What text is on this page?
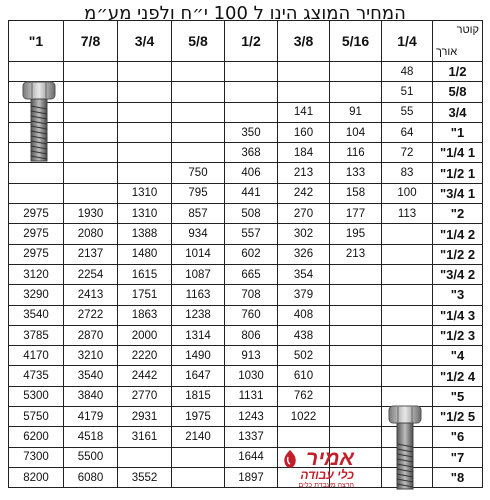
המחיר המוצג הינו ל 100 י״ח ולפני מע״מ
קוטר
אורך	1/4	5/16	3/8	1/2	5/8	3/4	7/8	1"
1/2	48							
5/8	51							
3/4	55	91	141					
1"	64	104	160	350				
1 1/4"	72	116	184	368				
1 1/2"	83	133	213	406	750			
1 3/4"	100	158	242	441	795	1310		
2"	113	177	270	508	857	1310	1930	2975
2 1/4"		195	302	557	934	1388	2080	2975
2 1/2"		213	326	602	1014	1480	2137	2975
2 3/4"			354	665	1087	1615	2254	3120
3"			379	708	1163	1751	2413	3290
3 1/4"			408	760	1238	1863	2722	3540
3 1/2"			438	806	1314	2000	2870	3785
4"			502	913	1490	2220	3210	4170
4 1/2"			610	1030	1647	2442	3540	4735
5"			762	1131	1815	2770	3840	5300
5 1/2"			1022	1243	1975	2931	4179	5750
6"				1337	2140	3161	4518	6200
7"				1644			5500	7300
8"				1897		3552	6080	8200
אמיר
כלי עבודה
הרצה מעבדת כלים
